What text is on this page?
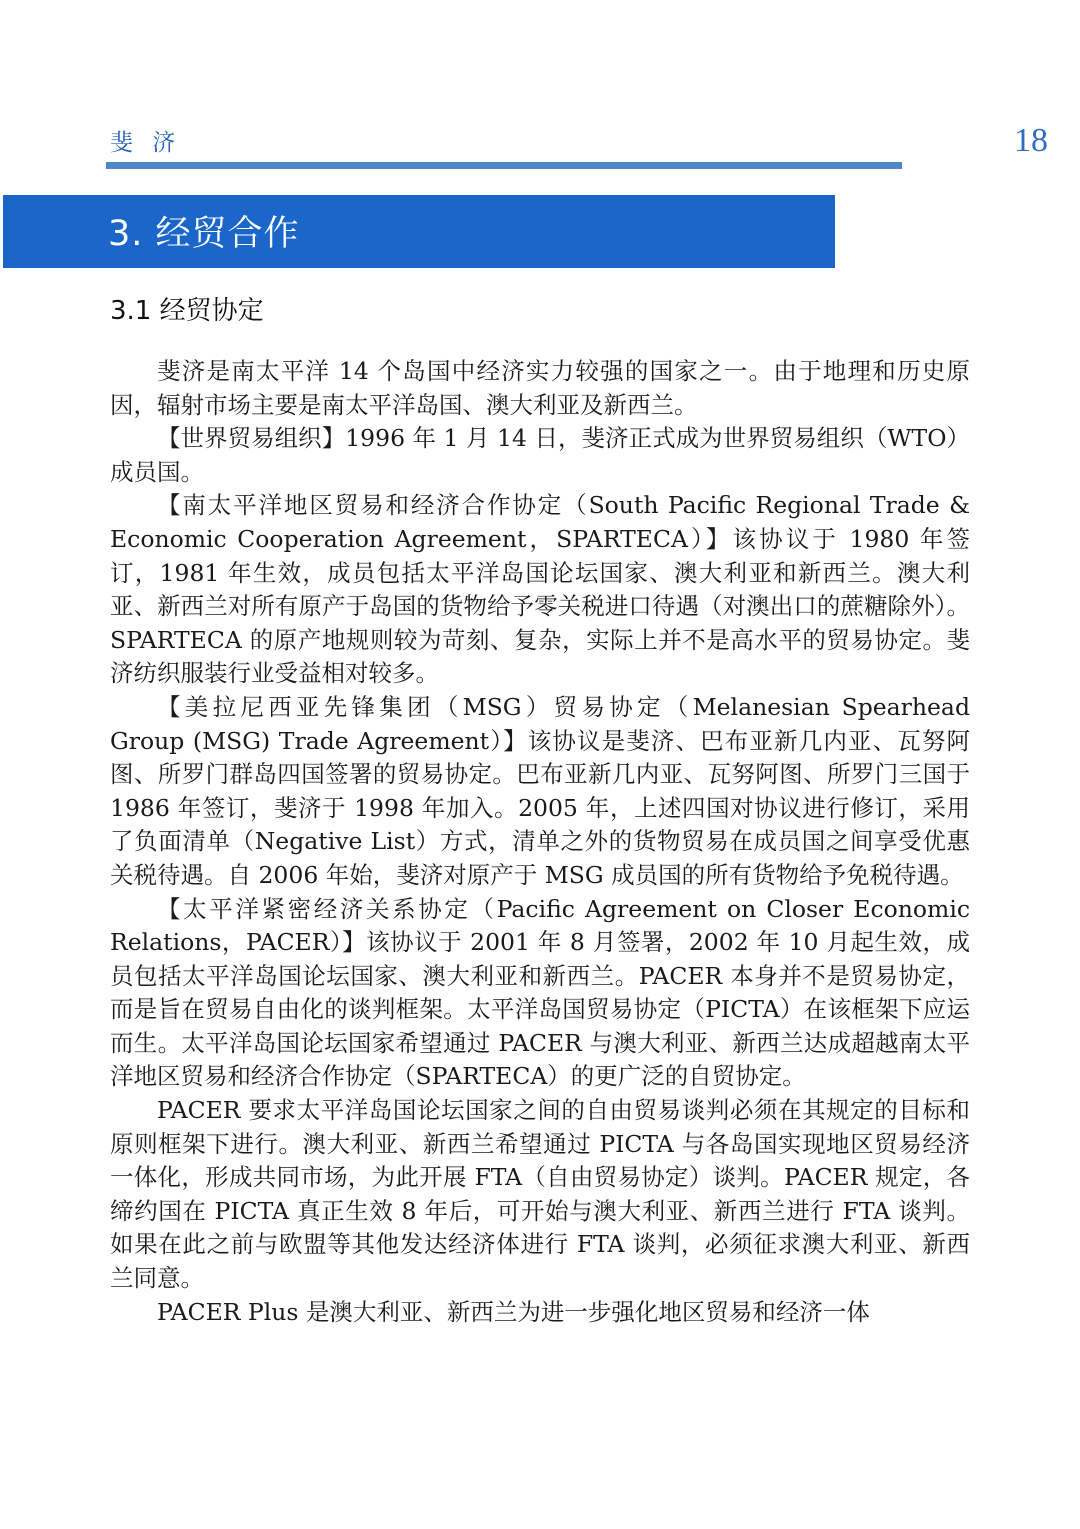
斐 济	18
3. 经贸合作
3.1 经贸协定

斐济是南太平洋 14 个岛国中经济实力较强的国家之一。由于地理和历史原因，辐射市场主要是南太平洋岛国、澳大利亚及新西兰。

【世界贸易组织】1996 年 1 月 14 日，斐济正式成为世界贸易组织（WTO）成员国。

【南太平洋地区贸易和经济合作协定（South Pacific Regional Trade & Economic Cooperation Agreement，SPARTECA）】该协议于 1980 年签订，1981 年生效，成员包括太平洋岛国论坛国家、澳大利亚和新西兰。澳大利亚、新西兰对所有原产于岛国的货物给予零关税进口待遇（对澳出口的蔗糖除外）。SPARTECA 的原产地规则较为苛刻、复杂，实际上并不是高水平的贸易协定。斐济纺织服装行业受益相对较多。

【美拉尼西亚先锋集团（MSG）贸易协定（Melanesian Spearhead Group (MSG) Trade Agreement）】该协议是斐济、巴布亚新几内亚、瓦努阿图、所罗门群岛四国签署的贸易协定。巴布亚新几内亚、瓦努阿图、所罗门三国于 1986 年签订，斐济于 1998 年加入。2005 年，上述四国对协议进行修订，采用了负面清单（Negative List）方式，清单之外的货物贸易在成员国之间享受优惠关税待遇。自 2006 年始，斐济对原产于 MSG 成员国的所有货物给予免税待遇。

【太平洋紧密经济关系协定（Pacific Agreement on Closer Economic Relations，PACER）】该协议于 2001 年 8 月签署，2002 年 10 月起生效，成员包括太平洋岛国论坛国家、澳大利亚和新西兰。PACER 本身并不是贸易协定，而是旨在贸易自由化的谈判框架。太平洋岛国贸易协定（PICTA）在该框架下应运而生。太平洋岛国论坛国家希望通过 PACER 与澳大利亚、新西兰达成超越南太平洋地区贸易和经济合作协定（SPARTECA）的更广泛的自贸协定。

PACER 要求太平洋岛国论坛国家之间的自由贸易谈判必须在其规定的目标和原则框架下进行。澳大利亚、新西兰希望通过 PICTA 与各岛国实现地区贸易经济一体化，形成共同市场，为此开展 FTA（自由贸易协定）谈判。PACER 规定，各缔约国在 PICTA 真正生效 8 年后，可开始与澳大利亚、新西兰进行 FTA 谈判。如果在此之前与欧盟等其他发达经济体进行 FTA 谈判，必须征求澳大利亚、新西兰同意。

PACER Plus 是澳大利亚、新西兰为进一步强化地区贸易和经济一体
